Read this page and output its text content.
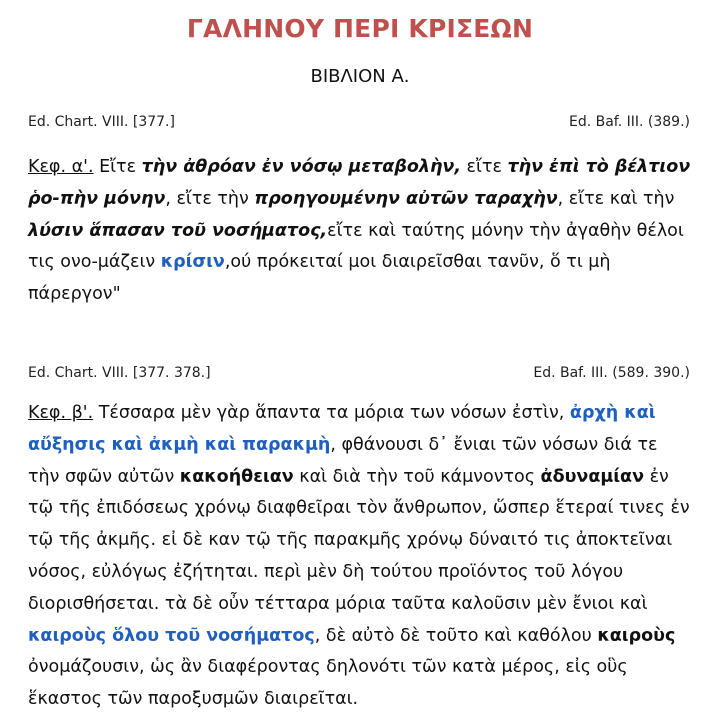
ΓΑΛΗΝΟΥ ΠΕΡΙ ΚΡΙΣΕΩΝ
ΒΙΒΛΙΟΝ Α.
Ed. Chart. VIII. [377.]	Ed. Baf. III. (389.)
Κεφ. α'. Εἴτε τὴν ἀθρόαν ἐν νόσῳ μεταβολὴν, εἴτε τὴν ἐπὶ τὸ βέλτιον ῥο-πὴν μόνην, εἴτε τὴν προηγουμένην αὐτῶν ταραχὴν, εἴτε καὶ τὴν λύσιν ἅπασαν τοῦ νοσήματος,εἴτε καὶ ταύτης μόνην τὴν ἀγαθὴν θέλοι τις ονο-μάζειν κρίσιν,ού πρόκειταί μοι διαιρεῖσθαι τανῦν, ὅ τι μὴ πάρεργον"
Ed. Chart. VIII. [377. 378.]	Ed. Baf. III. (589. 390.)
Κεφ. β'. Τέσσαρα μὲν γὰρ ἅπαντα τα μόρια των νόσων ἐστὶν, ἀρχὴ καὶ αὔξησις καὶ ἀκμὴ καὶ παρακμὴ, φθάνουσι δ᾽ ἔνιαι τῶν νόσων διά τε τὴν σφῶν αὐτῶν κακοήθειαν καὶ διὰ τὴν τοῦ κάμνοντος ἀδυναμίαν ἐν τῷ τῆς ἐπιδόσεως χρόνῳ διαφθεῖραι τὸν ἄνθρωπον, ὥσπερ ἕτεραί τινες ἐν τῷ τῆς ἀκμῆς. εἰ δὲ καν τῷ τῆς παρακμῆς χρόνῳ δύναιτό τις ἀποκτεῖναι νόσος, εὐλόγως ἐζήτηται. περὶ μὲν δὴ τούτου προϊόντος τοῦ λόγου διορισθήσεται. τὰ δὲ οὖν τέτταρα μόρια ταῦτα καλοῦσιν μὲν ἔνιοι καὶ καιροὺς ὅλου τοῦ νοσήματος, δὲ αὐτὸ δὲ τοῦτο καὶ καθόλου καιροὺς ὀνομάζουσιν, ὡς ἂν διαφέροντας δηλονότι τῶν κατὰ μέρος, εἰς οὓς ἕκαστος τῶν παροξυσμῶν διαιρεῖται.
